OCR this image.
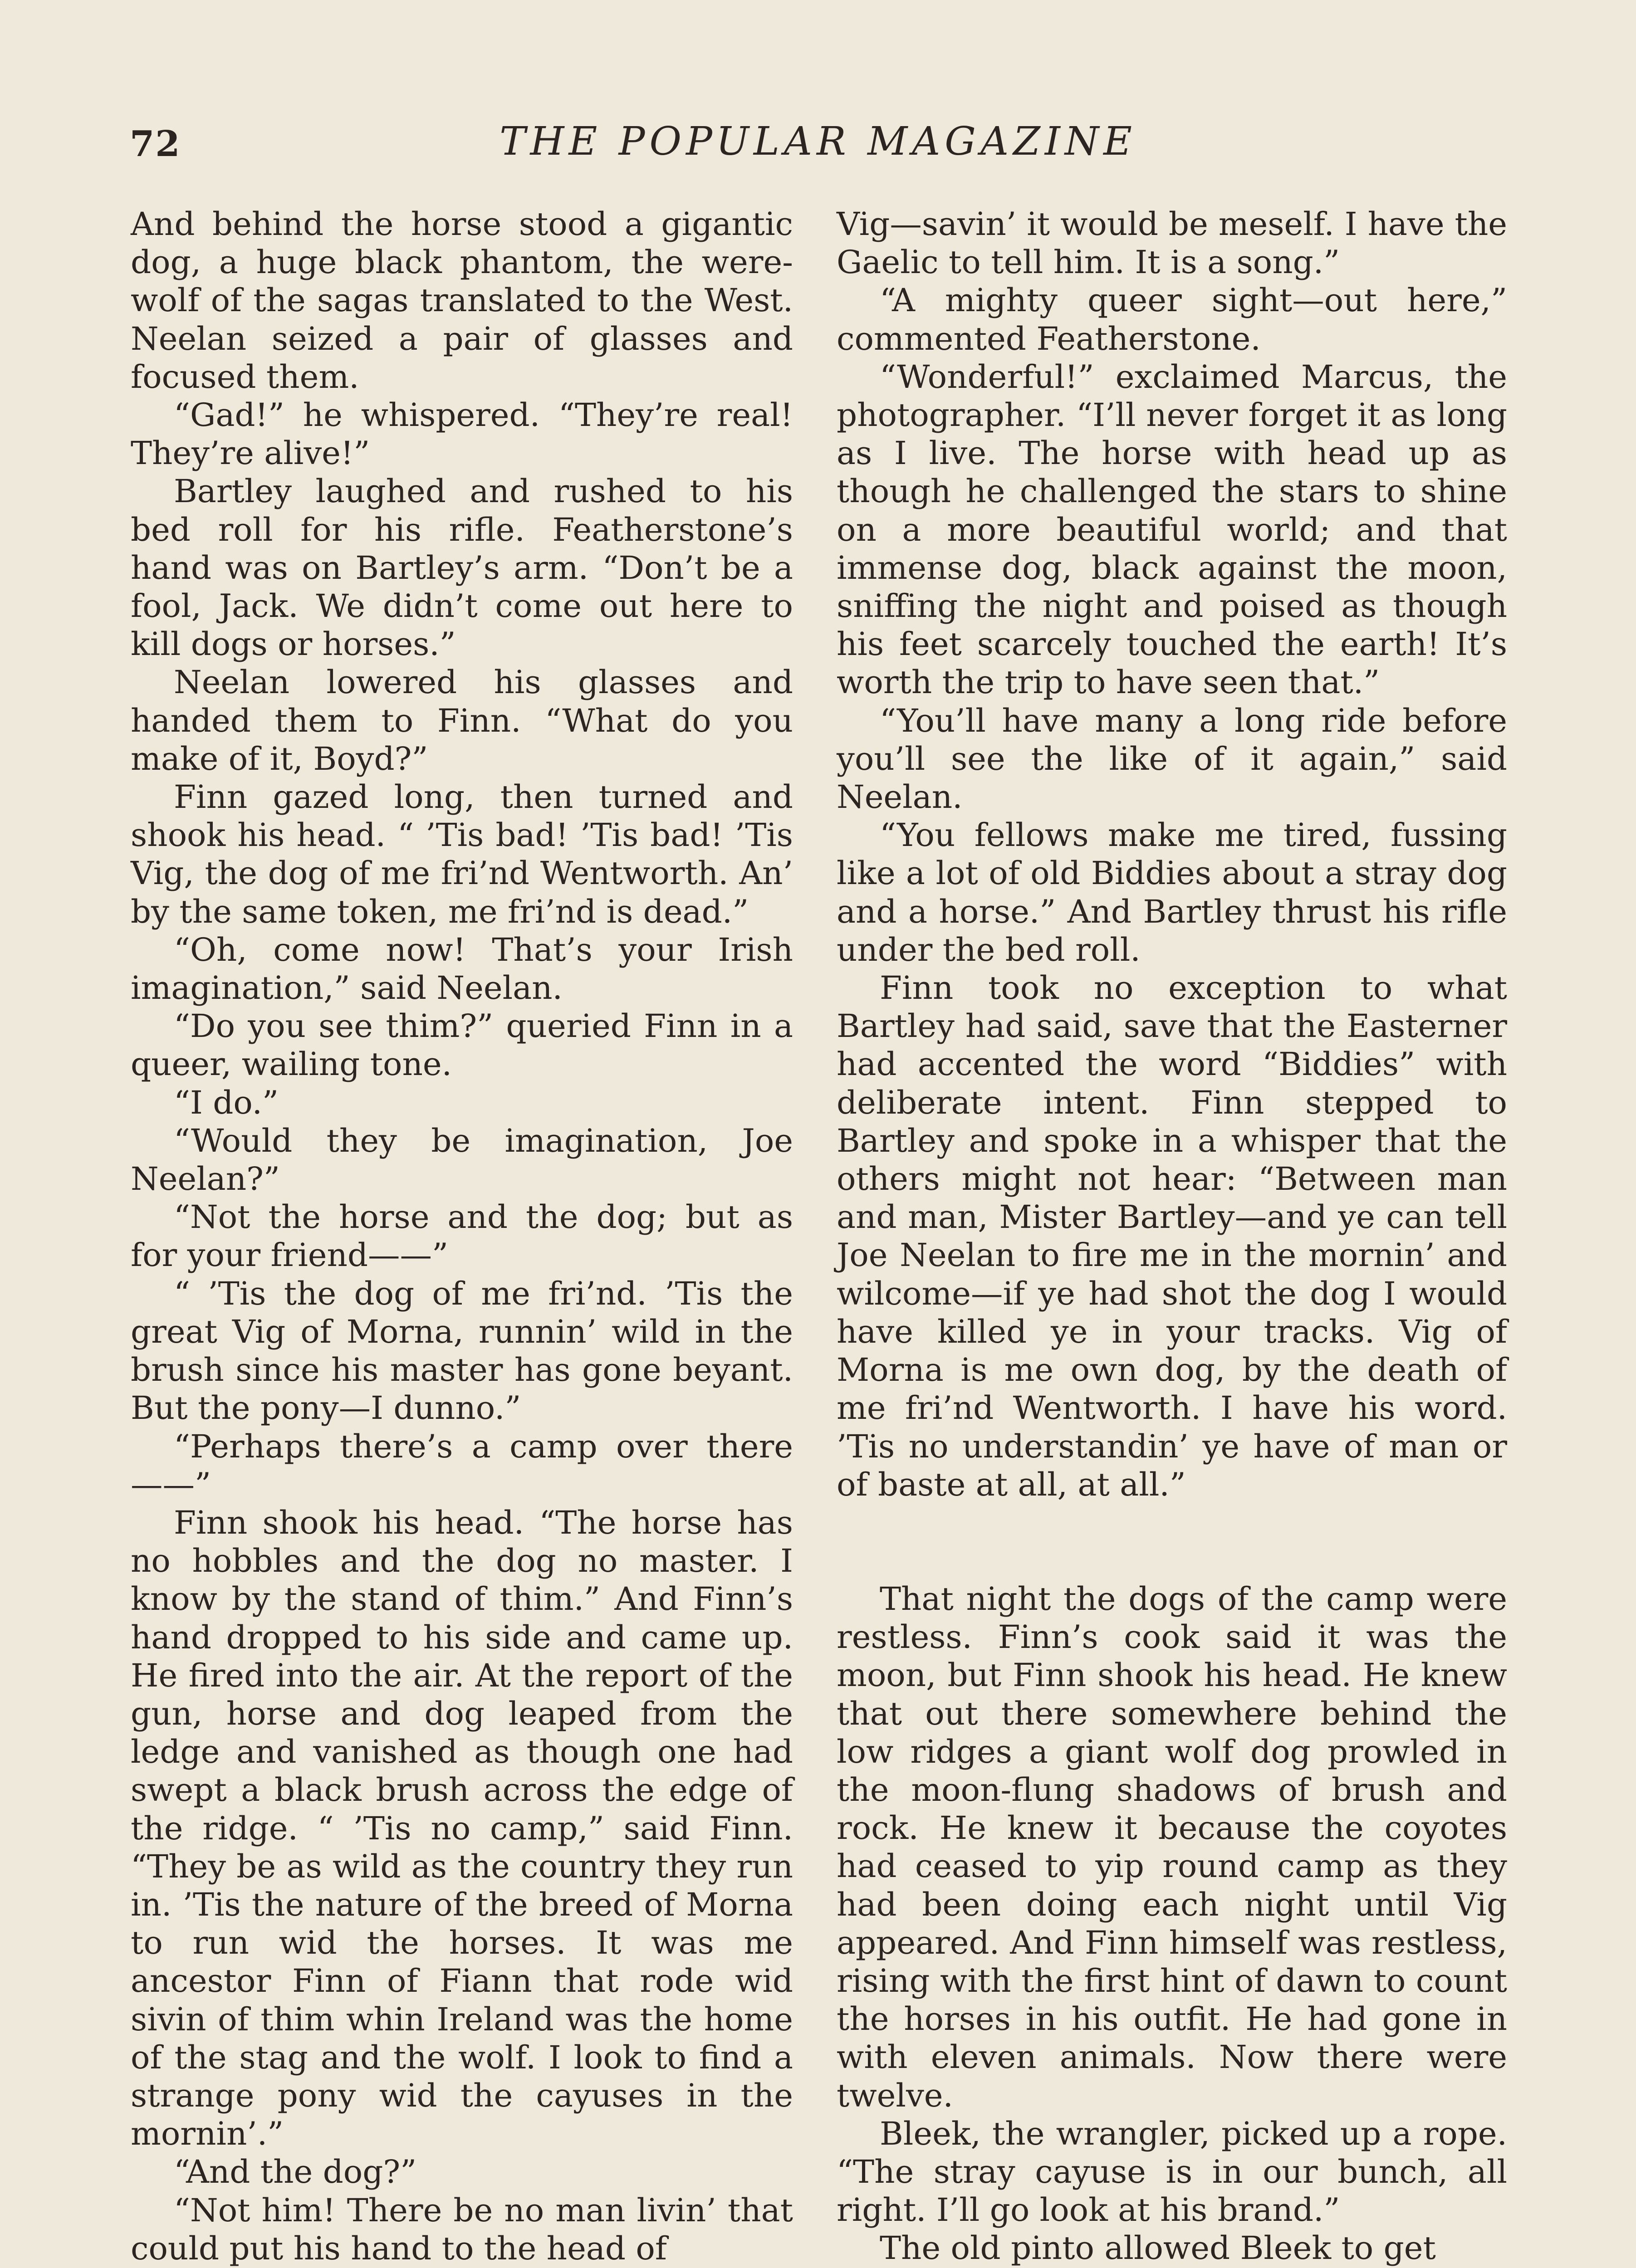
72	THE POPULAR MAGAZINE

And behind the horse stood a gigantic dog, a huge black phantom, the were-wolf of the sagas translated to the West. Neelan seized a pair of glasses and focused them.

“Gad!” he whispered. “They’re real! They’re alive!”

Bartley laughed and rushed to his bed roll for his rifle. Featherstone’s hand was on Bartley’s arm. “Don’t be a fool, Jack. We didn’t come out here to kill dogs or horses.”

Neelan lowered his glasses and handed them to Finn. “What do you make of it, Boyd?”

Finn gazed long, then turned and shook his head. “ ’Tis bad! ’Tis bad! ’Tis Vig, the dog of me fri’nd Wentworth. An’ by the same token, me fri’nd is dead.”

“Oh, come now! That’s your Irish imagination,” said Neelan.

“Do you see thim?” queried Finn in a queer, wailing tone.

“I do.”

“Would they be imagination, Joe Neelan?”

“Not the horse and the dog; but as for your friend——”

“ ’Tis the dog of me fri’nd. ’Tis the great Vig of Morna, runnin’ wild in the brush since his master has gone beyant. But the pony—I dunno.”

“Perhaps there’s a camp over there ——”

Finn shook his head. “The horse has no hobbles and the dog no master. I know by the stand of thim.” And Finn’s hand dropped to his side and came up. He fired into the air. At the report of the gun, horse and dog leaped from the ledge and vanished as though one had swept a black brush across the edge of the ridge. “ ’Tis no camp,” said Finn. “They be as wild as the country they run in. ’Tis the nature of the breed of Morna to run wid the horses. It was me ancestor Finn of Fiann that rode wid sivin of thim whin Ireland was the home of the stag and the wolf. I look to find a strange pony wid the cayuses in the mornin’.”

“And the dog?”

“Not him! There be no man livin’ that could put his hand to the head of

Vig—savin’ it would be meself. I have the Gaelic to tell him. It is a song.”

“A mighty queer sight—out here,” commented Featherstone.

“Wonderful!” exclaimed Marcus, the photographer. “I’ll never forget it as long as I live. The horse with head up as though he challenged the stars to shine on a more beautiful world; and that immense dog, black against the moon, sniffing the night and poised as though his feet scarcely touched the earth! It’s worth the trip to have seen that.”

“You’ll have many a long ride before you’ll see the like of it again,” said Neelan.

“You fellows make me tired, fussing like a lot of old Biddies about a stray dog and a horse.” And Bartley thrust his rifle under the bed roll.

Finn took no exception to what Bartley had said, save that the Easterner had accented the word “Biddies” with deliberate intent. Finn stepped to Bartley and spoke in a whisper that the others might not hear: “Between man and man, Mister Bartley—and ye can tell Joe Neelan to fire me in the mornin’ and wilcome—if ye had shot the dog I would have killed ye in your tracks. Vig of Morna is me own dog, by the death of me fri’nd Wentworth. I have his word. ’Tis no understandin’ ye have of man or of baste at all, at all.”

That night the dogs of the camp were restless. Finn’s cook said it was the moon, but Finn shook his head. He knew that out there somewhere behind the low ridges a giant wolf dog prowled in the moon-flung shadows of brush and rock. He knew it because the coyotes had ceased to yip round camp as they had been doing each night until Vig appeared. And Finn himself was restless, rising with the first hint of dawn to count the horses in his outfit. He had gone in with eleven animals. Now there were twelve.

Bleek, the wrangler, picked up a rope. “The stray cayuse is in our bunch, all right. I’ll go look at his brand.”

The old pinto allowed Bleek to get
